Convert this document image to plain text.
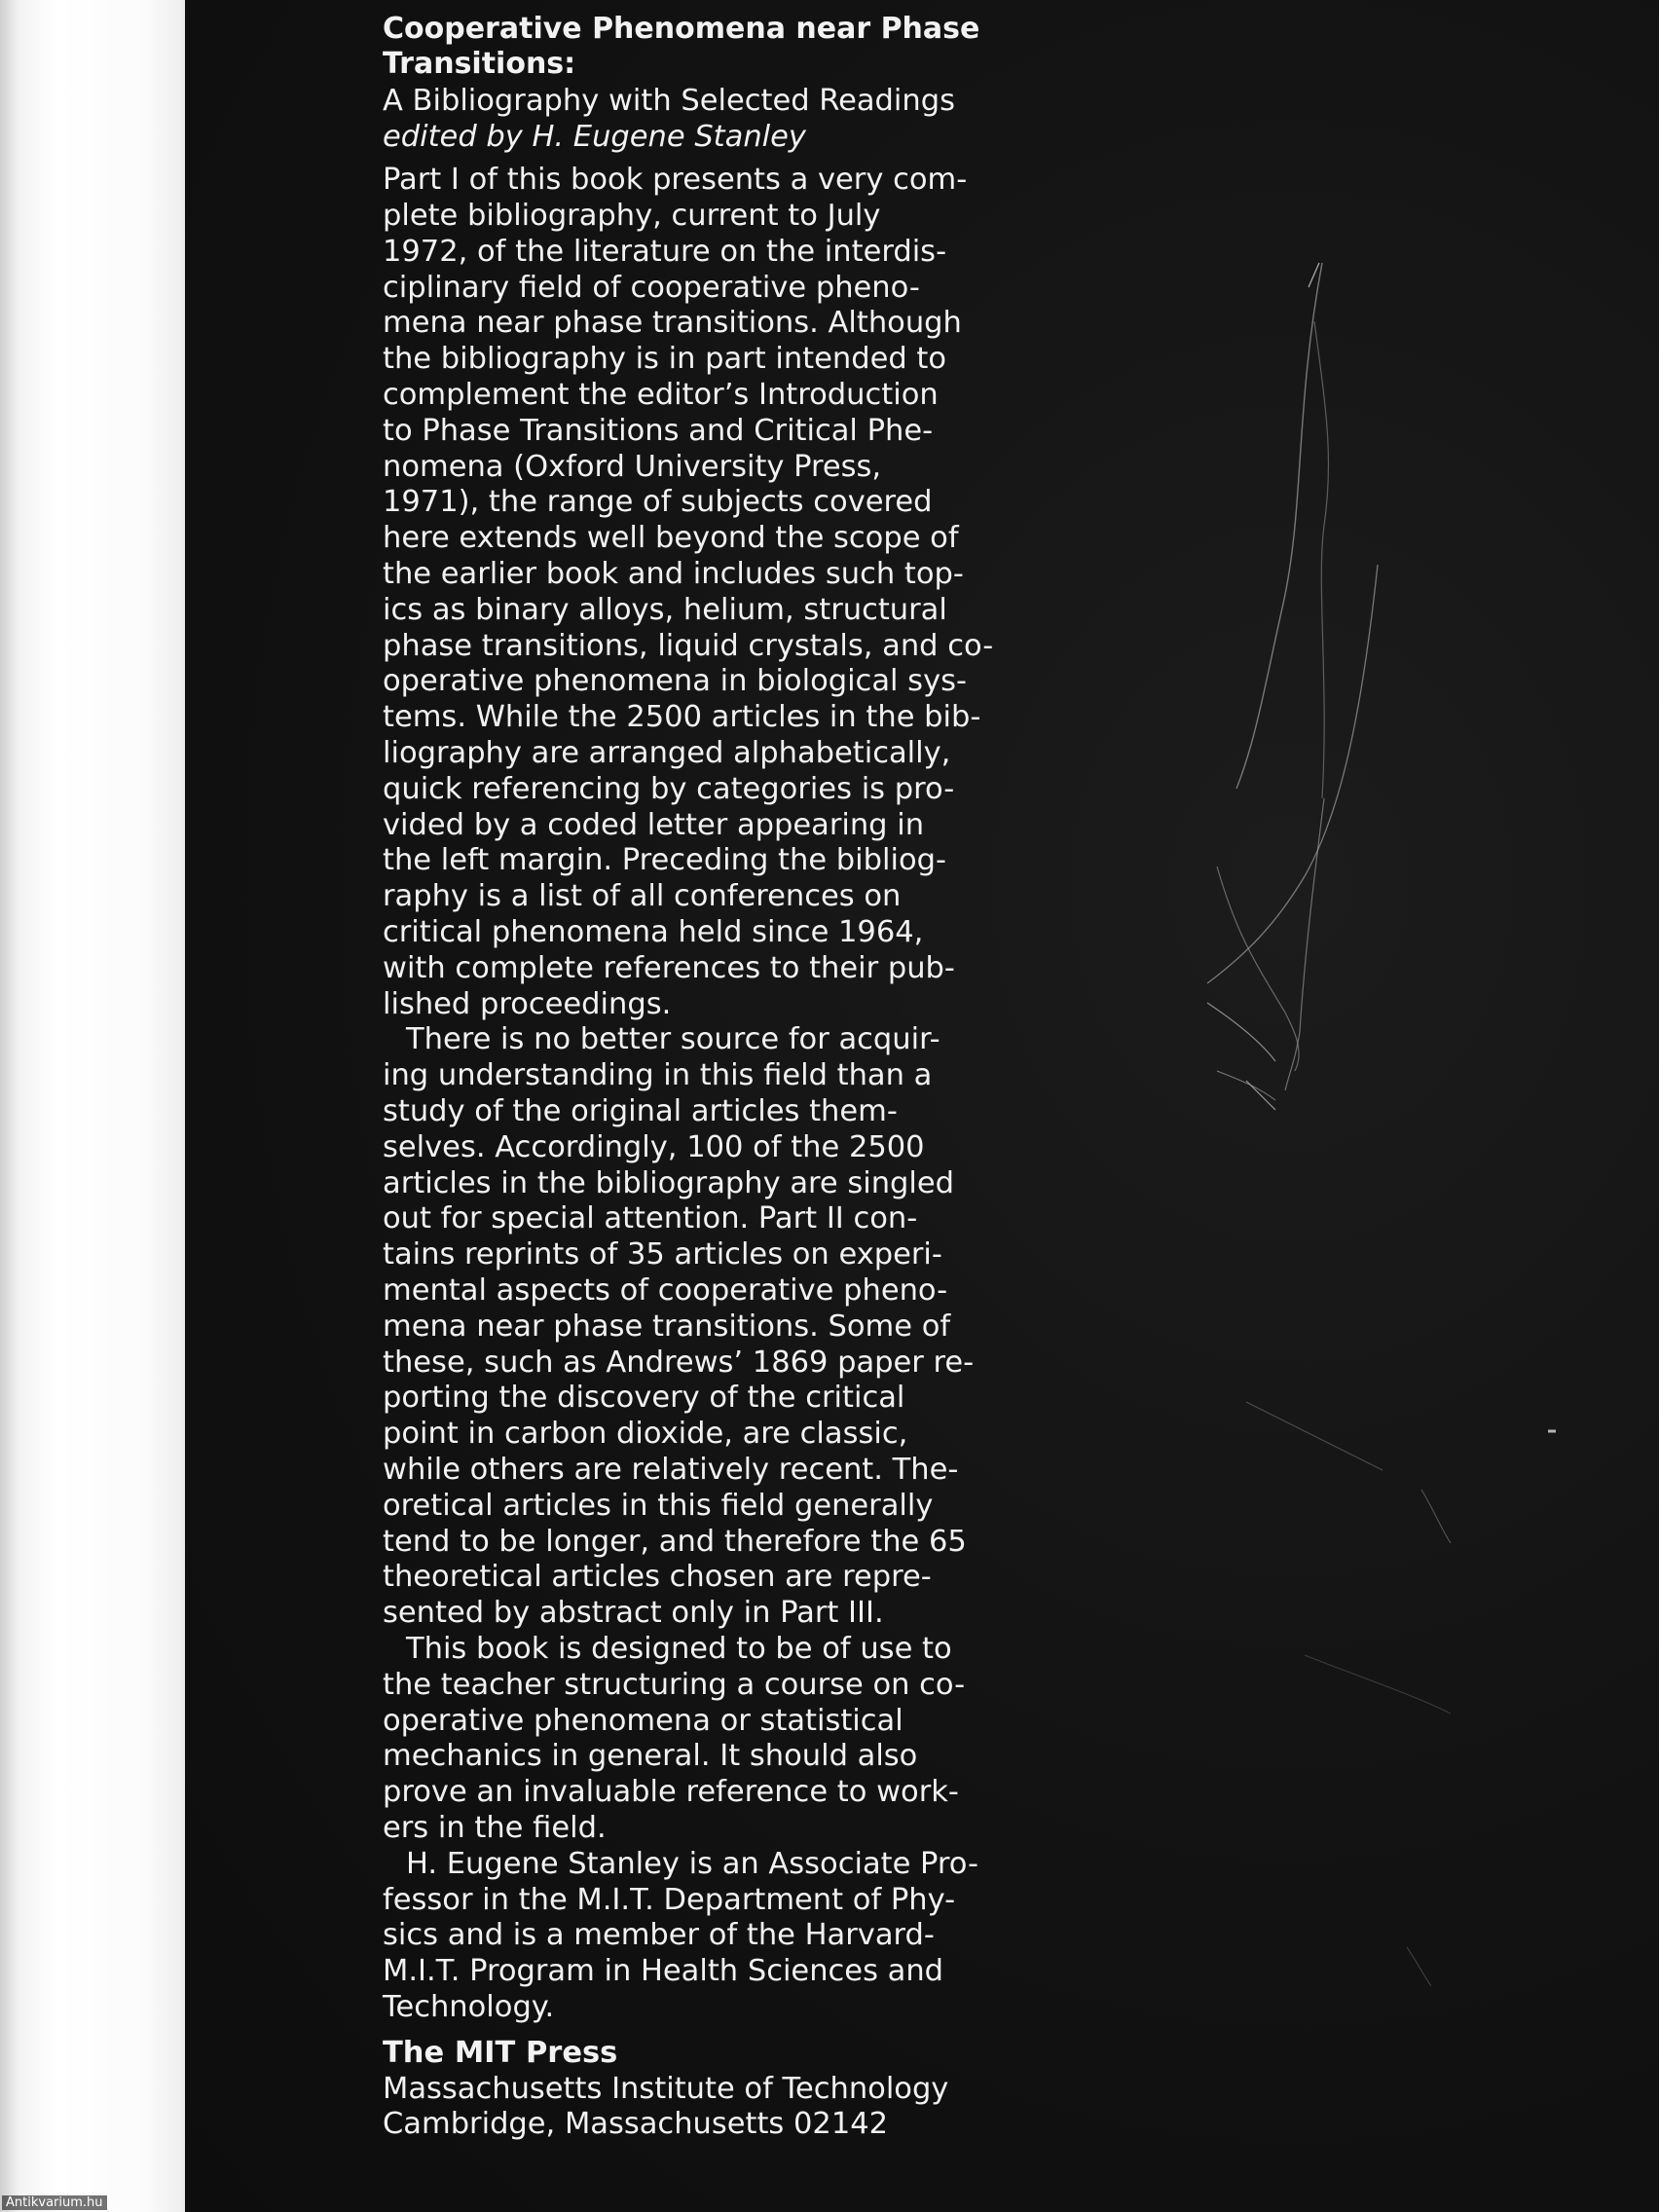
Cooperative Phenomena near Phase
Transitions:

A Bibliography with Selected Readings

edited by H. Eugene Stanley

Part I of this book presents a very com-
plete bibliography, current to July
1972, of the literature on the interdis-
ciplinary field of cooperative pheno-
mena near phase transitions. Although
the bibliography is in part intended to
complement the editor’s Introduction
to Phase Transitions and Critical Phe-
nomena (Oxford University Press,
1971), the range of subjects covered
here extends well beyond the scope of
the earlier book and includes such top-
ics as binary alloys, helium, structural
phase transitions, liquid crystals, and co-
operative phenomena in biological sys-
tems. While the 2500 articles in the bib-
liography are arranged alphabetically,
quick referencing by categories is pro-
vided by a coded letter appearing in
the left margin. Preceding the bibliog-
raphy is a list of all conferences on
critical phenomena held since 1964,
with complete references to their pub-
lished proceedings.

There is no better source for acquir-
ing understanding in this field than a
study of the original articles them-
selves. Accordingly, 100 of the 2500
articles in the bibliography are singled
out for special attention. Part II con-
tains reprints of 35 articles on experi-
mental aspects of cooperative pheno-
mena near phase transitions. Some of
these, such as Andrews’ 1869 paper re-
porting the discovery of the critical
point in carbon dioxide, are classic,
while others are relatively recent. The-
oretical articles in this field generally
tend to be longer, and therefore the 65
theoretical articles chosen are repre-
sented by abstract only in Part III.

This book is designed to be of use to
the teacher structuring a course on co-
operative phenomena or statistical
mechanics in general. It should also
prove an invaluable reference to work-
ers in the field.

H. Eugene Stanley is an Associate Pro-
fessor in the M.I.T. Department of Phy-
sics and is a member of the Harvard-
M.I.T. Program in Health Sciences and
Technology.

The MIT Press
Massachusetts Institute of Technology
Cambridge, Massachusetts 02142
Antikvarium.hu
